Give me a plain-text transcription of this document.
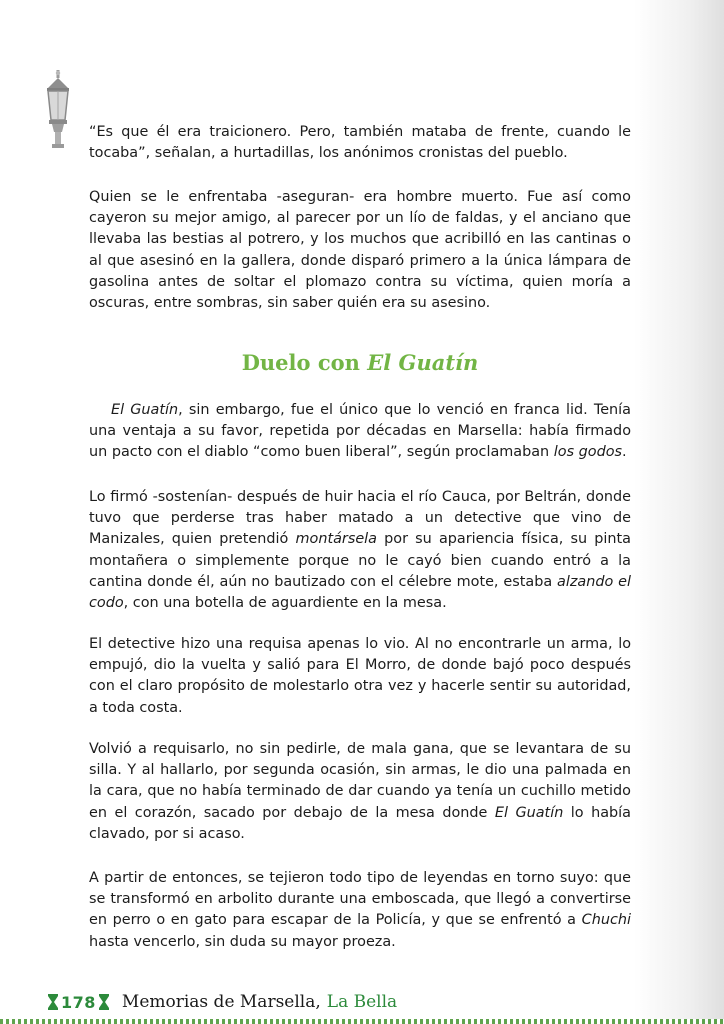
“Es que él era traicionero. Pero, también mataba de frente, cuando le tocaba”, señalan, a hurtadillas, los anónimos cronistas del pueblo.

Quien se le enfrentaba -aseguran- era hombre muerto. Fue así como cayeron su mejor amigo, al parecer por un lío de faldas, y el anciano que llevaba las bestias al potrero, y los muchos que acribilló en las cantinas o al que asesinó en la gallera, donde disparó primero a la única lámpara de gasolina antes de soltar el plomazo contra su víctima, quien moría a oscuras, entre sombras, sin saber quién era su asesino.

Duelo con El Guatín

El Guatín, sin embargo, fue el único que lo venció en franca lid. Tenía una ventaja a su favor, repetida por décadas en Marsella: había firmado un pacto con el diablo “como buen liberal”, según proclamaban los godos.

Lo firmó -sostenían- después de huir hacia el río Cauca, por Beltrán, donde tuvo que perderse tras haber matado a un detective que vino de Manizales, quien pretendió montársela por su apariencia física, su pinta montañera o simplemente porque no le cayó bien cuando entró a la cantina donde él, aún no bautizado con el célebre mote, estaba alzando el codo, con una botella de aguardiente en la mesa.

El detective hizo una requisa apenas lo vio. Al no encontrarle un arma, lo empujó, dio la vuelta y salió para El Morro, de donde bajó poco después con el claro propósito de molestarlo otra vez y hacerle sentir su autoridad, a toda costa.

Volvió a requisarlo, no sin pedirle, de mala gana, que se levantara de su silla. Y al hallarlo, por segunda ocasión, sin armas, le dio una palmada en la cara, que no había terminado de dar cuando ya tenía un cuchillo metido en el corazón, sacado por debajo de la mesa donde El Guatín lo había clavado, por si acaso.

A partir de entonces, se tejieron todo tipo de leyendas en torno suyo: que se transformó en arbolito durante una emboscada, que llegó a convertirse en perro o en gato para escapar de la Policía, y que se enfrentó a Chuchi hasta vencerlo, sin duda su mayor proeza.

178 Memorias de Marsella, La Bella
